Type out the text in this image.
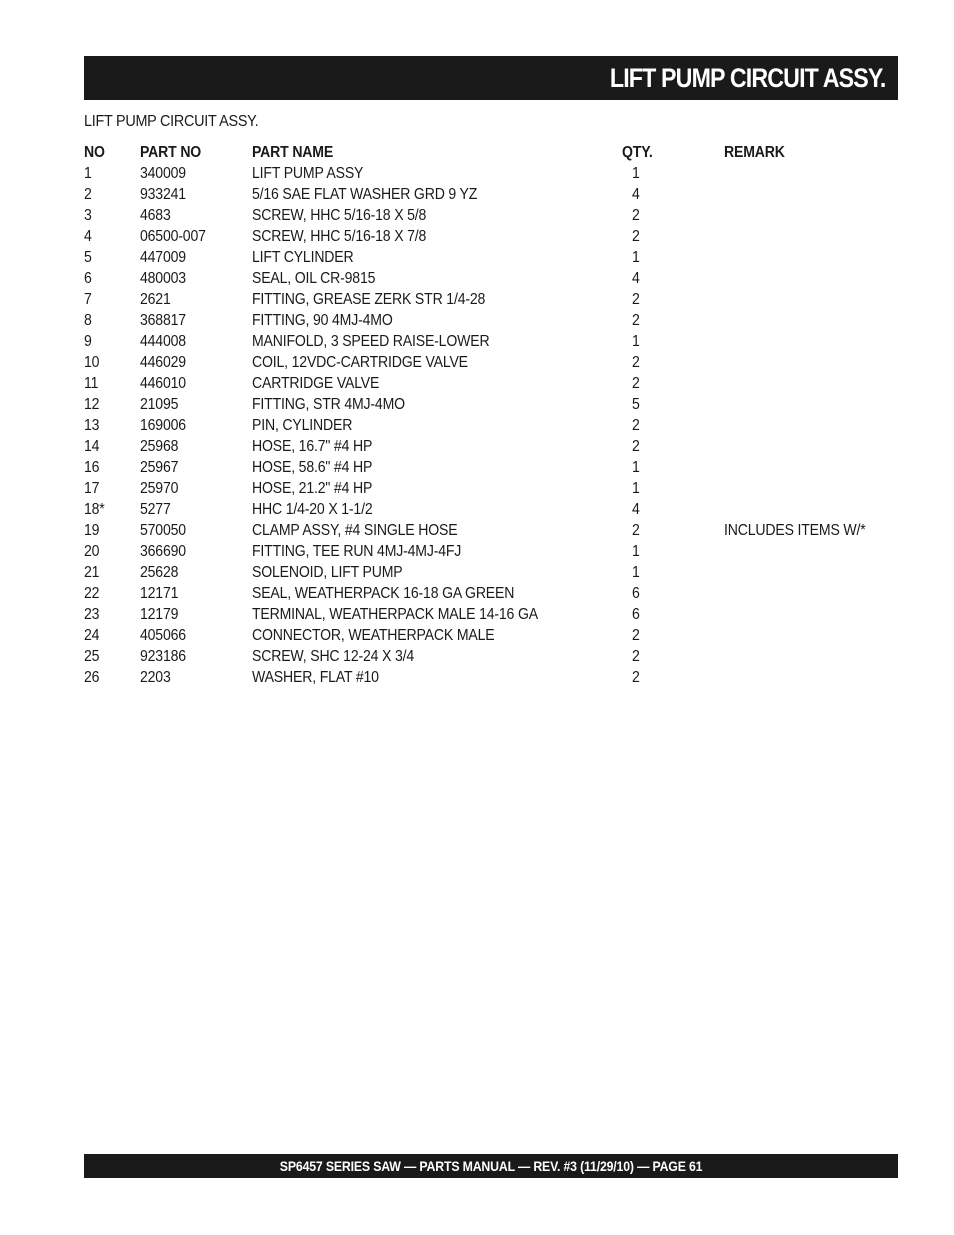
LIFT PUMP CIRCUIT ASSY.
LIFT PUMP CIRCUIT ASSY.
NO	PART NO	PART NAME	QTY.	REMARK
1	340009	LIFT PUMP ASSY	1	
2	933241	5/16 SAE FLAT WASHER GRD 9 YZ	4	
3	4683	SCREW, HHC 5/16-18 X 5/8	2	
4	06500-007	SCREW, HHC 5/16-18 X 7/8	2	
5	447009	LIFT CYLINDER	1	
6	480003	SEAL, OIL CR-9815	4	
7	2621	FITTING, GREASE ZERK STR 1/4-28	2	
8	368817	FITTING, 90 4MJ-4MO	2	
9	444008	MANIFOLD, 3 SPEED RAISE-LOWER	1	
10	446029	COIL, 12VDC-CARTRIDGE VALVE	2	
11	446010	CARTRIDGE VALVE	2	
12	21095	FITTING, STR 4MJ-4MO	5	
13	169006	PIN, CYLINDER	2	
14	25968	HOSE, 16.7" #4 HP	2	
16	25967	HOSE, 58.6" #4 HP	1	
17	25970	HOSE, 21.2" #4 HP	1	
18*	5277	HHC 1/4-20 X 1-1/2	4	
19	570050	CLAMP ASSY, #4 SINGLE HOSE	2	INCLUDES ITEMS W/*
20	366690	FITTING, TEE RUN 4MJ-4MJ-4FJ	1	
21	25628	SOLENOID, LIFT PUMP	1	
22	12171	SEAL, WEATHERPACK 16-18 GA GREEN	6	
23	12179	TERMINAL, WEATHERPACK MALE 14-16 GA	6	
24	405066	CONNECTOR, WEATHERPACK MALE	2	
25	923186	SCREW, SHC 12-24 X 3/4	2	
26	2203	WASHER, FLAT #10	2	
SP6457 SERIES SAW — PARTS MANUAL — REV. #3 (11/29/10) — PAGE 61
